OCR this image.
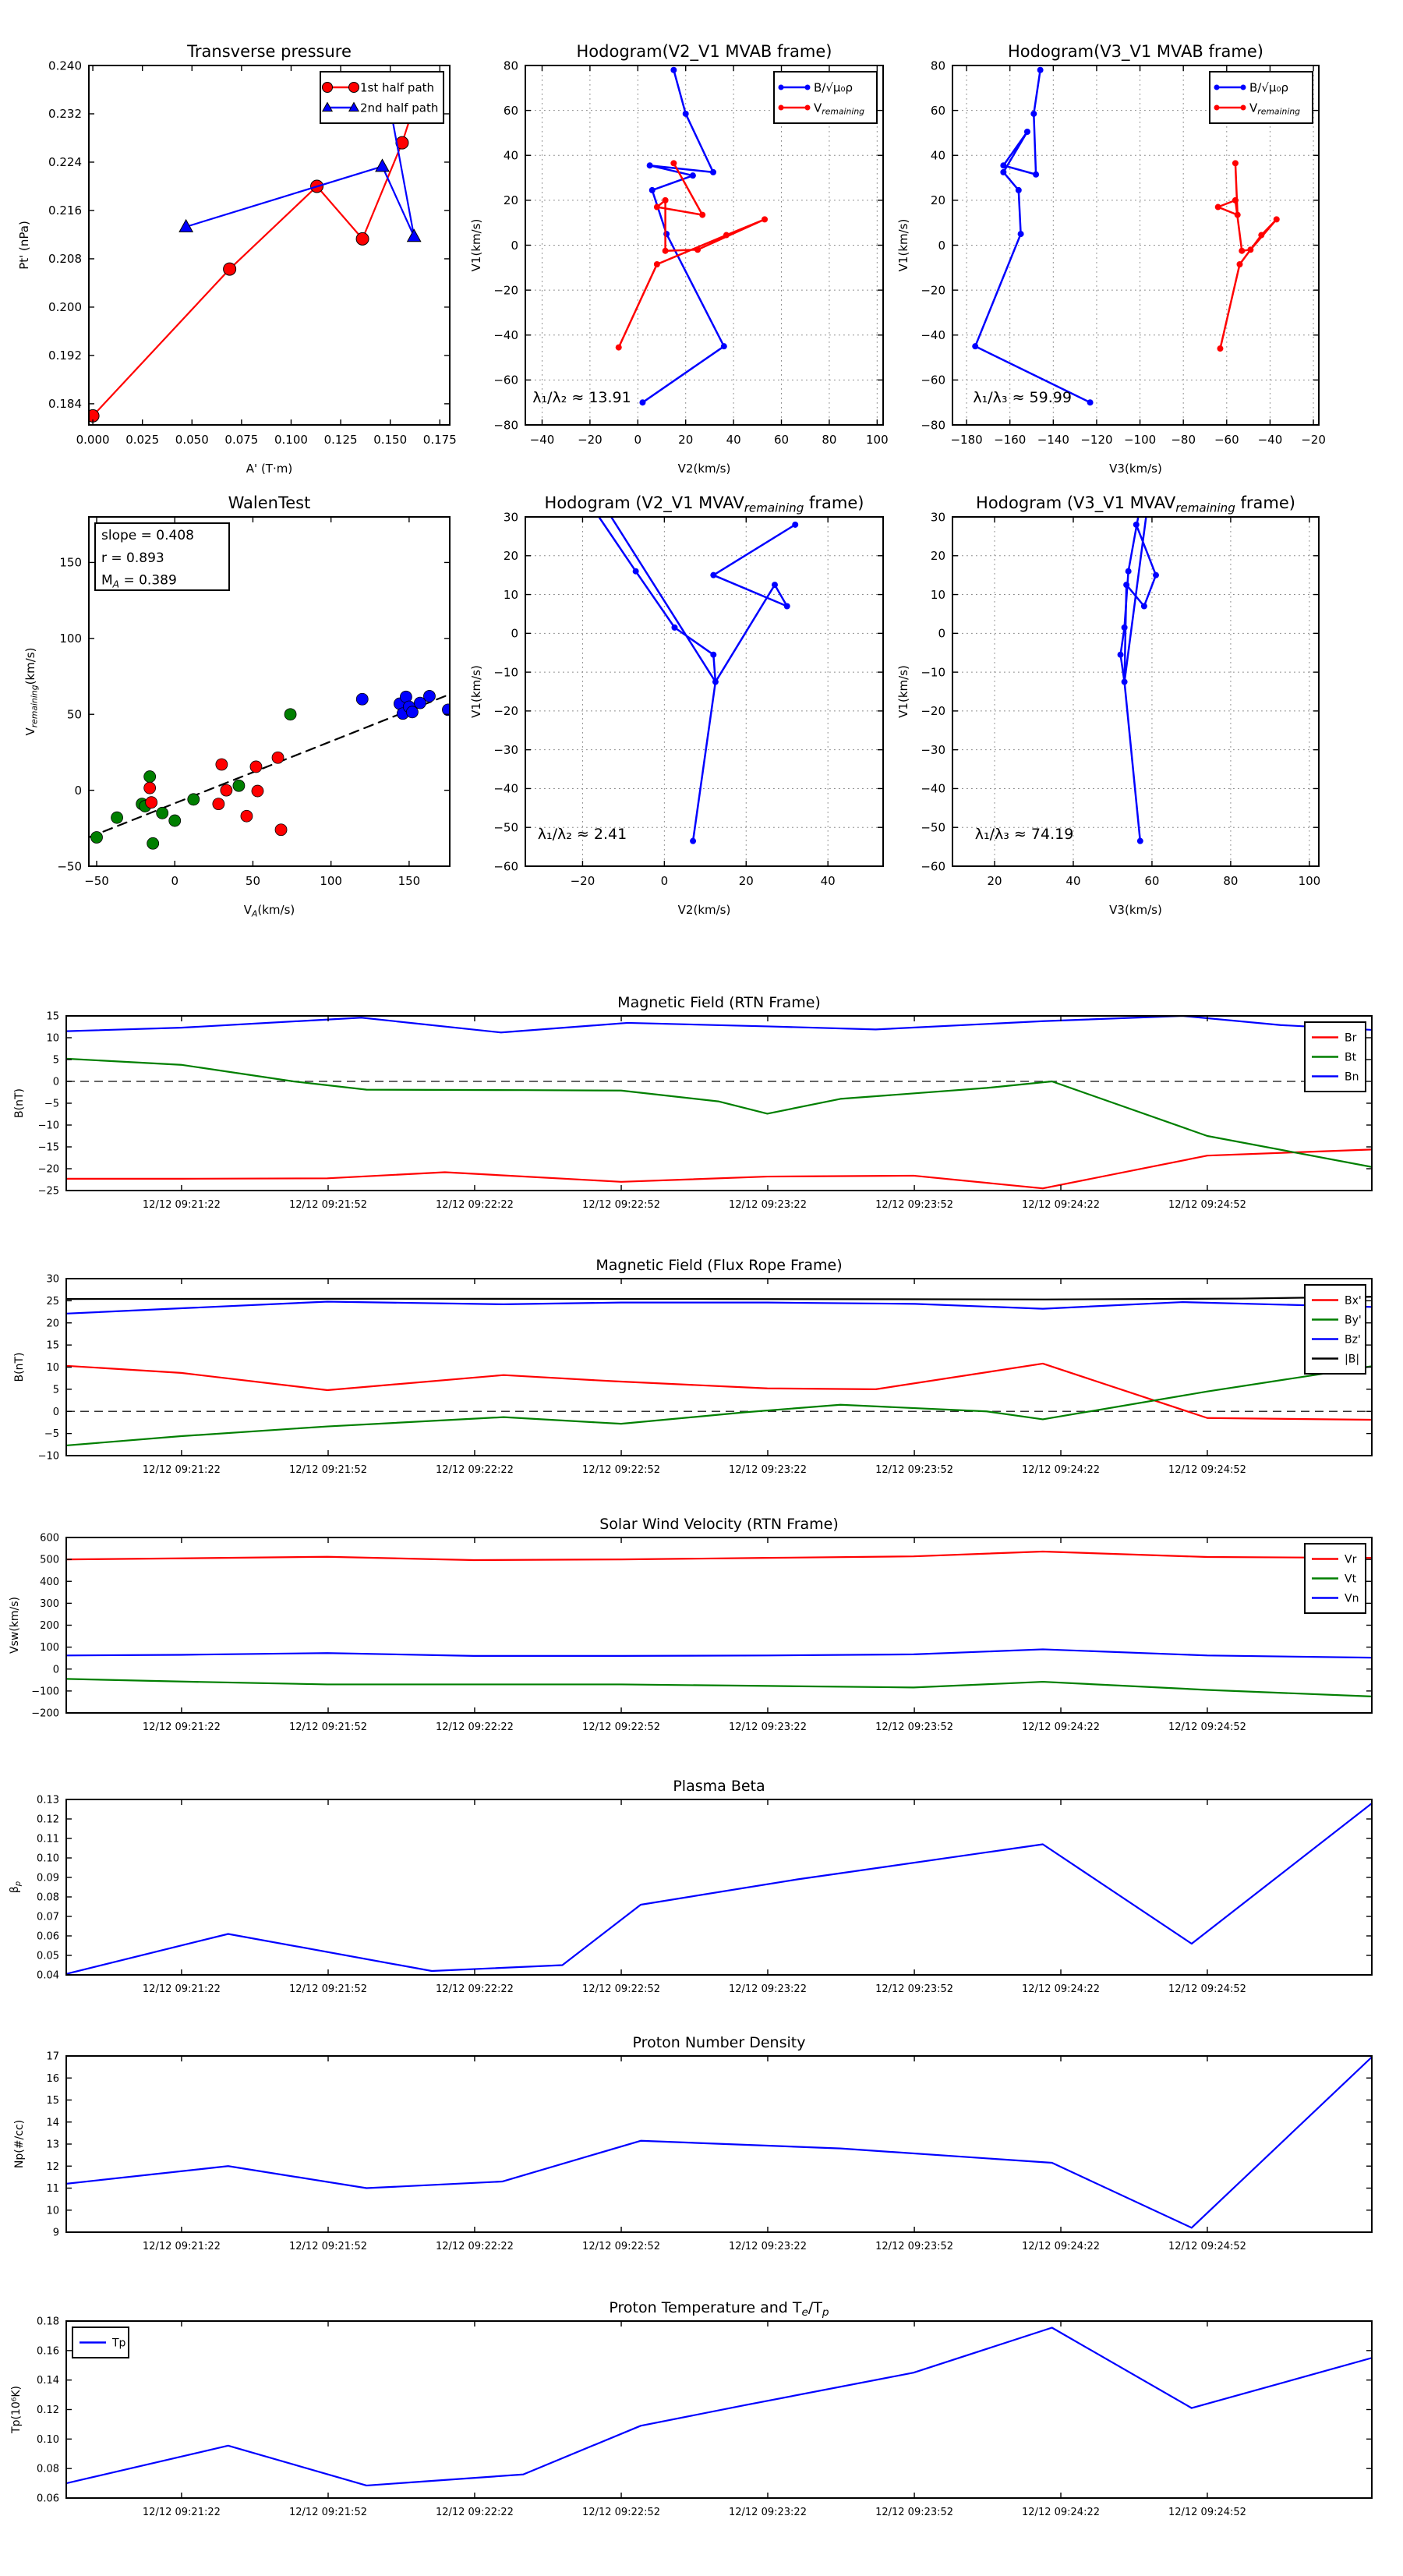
0.000 0.025 0.050 0.075 0.100 0.125 0.150 0.175
0.184
0.192
0.200
0.208
0.216
0.224
0.232
0.240
Transverse pressure
A' (T·m)
Pt' (nPa)
1st half path
2nd half path
−40 −20	0	20	40	60	80	100
−80
−60
−40
−20
0
20
40
60
80
Hodogram(V2_V1 MVAB frame)
V2(km/s)
V1(km/s)
B/√μ₀ρ
$V_{remaining}$
λ₁/λ₂ ≈ 13.91
−180 −160 −140 −120 −100 −80 −60 −40 −20
−80
−60
−40
−20
0
20
40
60
80
Hodogram(V3_V1 MVAB frame)
V3(km/s)
V1(km/s)
B/√μ₀ρ
$V_{remaining}$
λ₁/λ₃ ≈ 59.99
−50	0	50	100	150
−50
0
50
100
150
WalenTest
$V_A(km/s)$
$V_{remaining}(km/s)$
slope = 0.408
r = 0.893
$M_A = 0.389$
−20	0	20	40
30
20
10
0
−10
−20
−30
−40
−50
−60
Hodogram (V2_V1 $MVAV_{remaining}$ frame)
V2(km/s)
V1(km/s)
λ₁/λ₂ ≈ 2.41
20	40	60	80	100
30
20
10
0
−10
−20
−30
−40
−50
−60
Hodogram (V3_V1 $MVAV_{remaining}$ frame)
V3(km/s)
V1(km/s)
λ₁/λ₃ ≈ 74.19
12/12 09:21:22	12/12 09:21:52	12/12 09:22:22	12/12 09:22:52	12/12 09:23:22	12/12 09:23:52	12/12 09:24:22	12/12 09:24:52
15
10
5
0
−5
−10
−15
−20
−25
Magnetic Field (RTN Frame)
B(nT)
Br
Bt
Bn
12/12 09:21:22	12/12 09:21:52	12/12 09:22:22	12/12 09:22:52	12/12 09:23:22	12/12 09:23:52	12/12 09:24:22	12/12 09:24:52
30
25
20
15
10
5
0
−5
−10
Magnetic Field (Flux Rope Frame)
B(nT)
Bx'
By'
Bz'
|B|
12/12 09:21:22	12/12 09:21:52	12/12 09:22:22	12/12 09:22:52	12/12 09:23:22	12/12 09:23:52	12/12 09:24:22	12/12 09:24:52
600
500
400
300
200
100
0
−100
−200
Solar Wind Velocity (RTN Frame)
Vsw(km/s)
Vr
Vt
Vn
12/12 09:21:22	12/12 09:21:52	12/12 09:22:22	12/12 09:22:52	12/12 09:23:22	12/12 09:23:52	12/12 09:24:22	12/12 09:24:52
0.13
0.12
0.11
0.10
0.09
0.08
0.07
0.06
0.05
0.04
Plasma Beta
$\beta_p$
12/12 09:21:22	12/12 09:21:52	12/12 09:22:22	12/12 09:22:52	12/12 09:23:22	12/12 09:23:52	12/12 09:24:22	12/12 09:24:52
17
16
15
14
13
12
11
10
9
Proton Number Density
Np(#/cc)
12/12 09:21:22	12/12 09:21:52	12/12 09:22:22	12/12 09:22:52	12/12 09:23:22	12/12 09:23:52	12/12 09:24:22	12/12 09:24:52
0.18
0.16
0.14
0.12
0.10
0.08
0.06
Proton Temperature and $T_e/T_p$
Tp(10⁶K)
Tp
